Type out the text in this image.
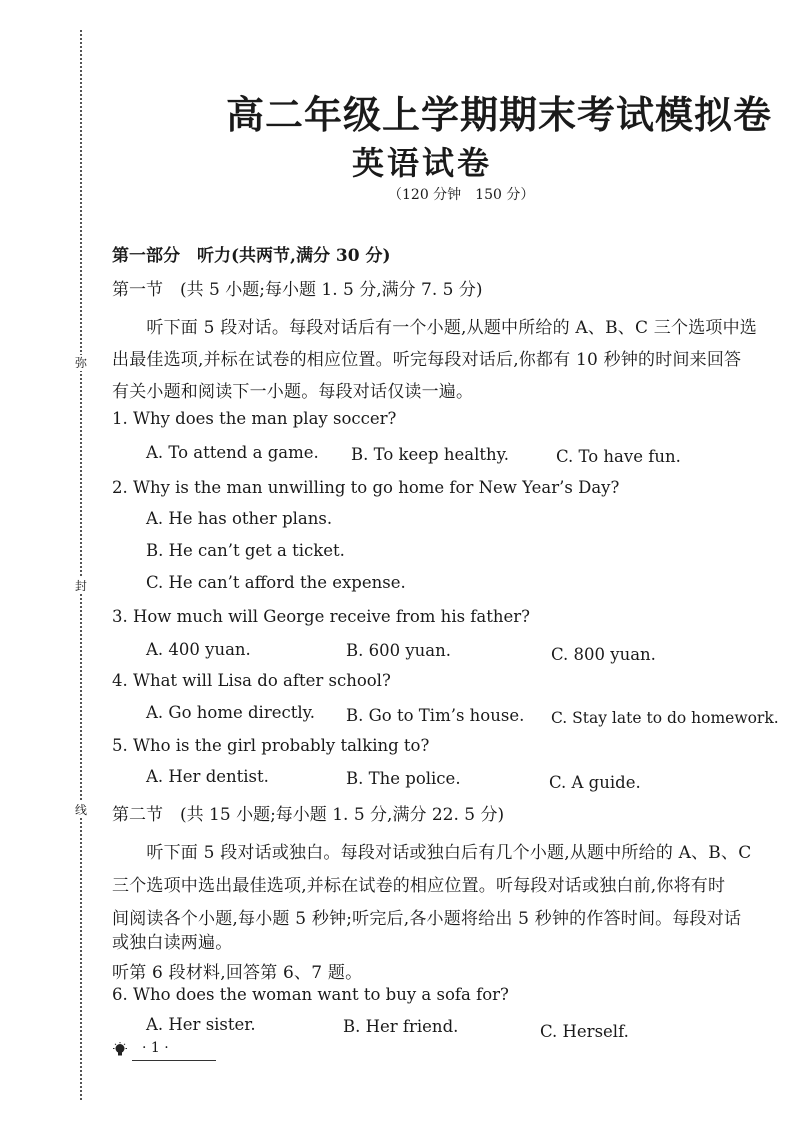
弥
封
线
高二年级上学期期末考试模拟卷
英语试卷
（120 分钟　150 分）
第一部分　听力(共两节,满分 30 分)
第一节　(共 5 小题;每小题 1. 5 分,满分 7. 5 分)
　　听下面 5 段对话。每段对话后有一个小题,从题中所给的 A、B、C 三个选项中选
出最佳选项,并标在试卷的相应位置。听完每段对话后,你都有 10 秒钟的时间来回答
有关小题和阅读下一小题。每段对话仅读一遍。
1. Why does the man play soccer?
A. To attend a game. B. To keep healthy.	C. To have fun.
2. Why is the man unwilling to go home for New Year’s Day?
A. He has other plans.
B. He can’t get a ticket.
C. He can’t afford the expense.
3. How much will George receive from his father?
A. 400 yuan.	B. 600 yuan.	C. 800 yuan.
4. What will Lisa do after school?
A. Go home directly. B. Go to Tim’s house. C. Stay late to do homework.
5. Who is the girl probably talking to?
A. Her dentist.	B. The police.	C. A guide.
第二节　(共 15 小题;每小题 1. 5 分,满分 22. 5 分)
　　听下面 5 段对话或独白。每段对话或独白后有几个小题,从题中所给的 A、B、C
三个选项中选出最佳选项,并标在试卷的相应位置。听每段对话或独白前,你将有时
间阅读各个小题,每小题 5 秒钟;听完后,各小题将给出 5 秒钟的作答时间。每段对话
或独白读两遍。
听第 6 段材料,回答第 6、7 题。
6. Who does the woman want to buy a sofa for?
A. Her sister.	B. Her friend.	C. Herself.
· 1 ·
